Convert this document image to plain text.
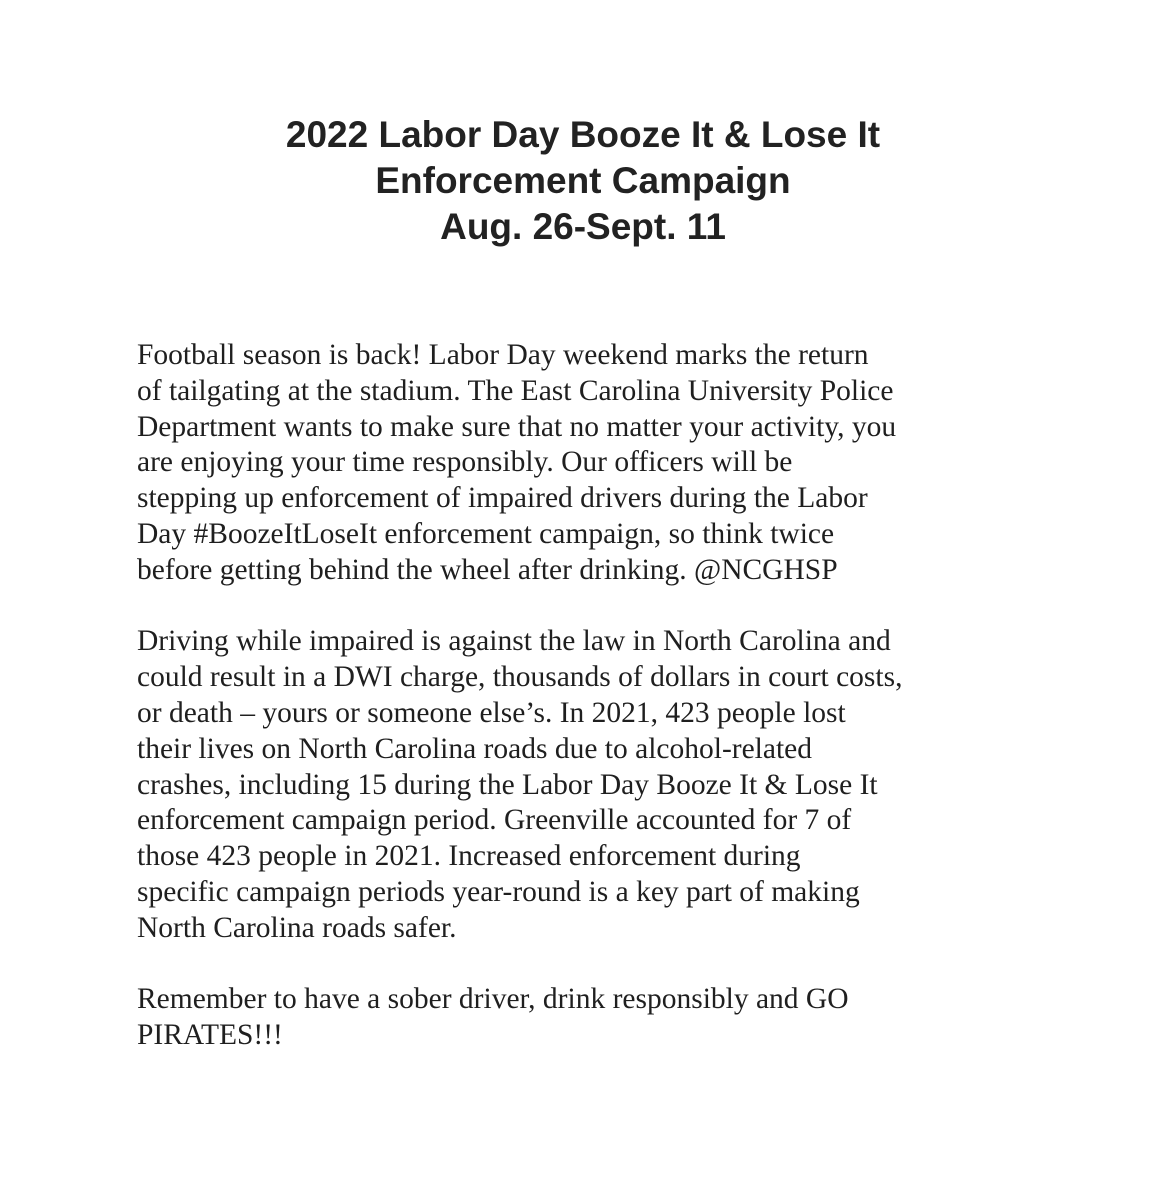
2022 Labor Day Booze It & Lose It
Enforcement Campaign
Aug. 26-Sept. 11

Football season is back! Labor Day weekend marks the return
of tailgating at the stadium. The East Carolina University Police
Department wants to make sure that no matter your activity, you
are enjoying your time responsibly. Our officers will be
stepping up enforcement of impaired drivers during the Labor
Day #BoozeItLoseIt enforcement campaign, so think twice
before getting behind the wheel after drinking. @NCGHSP

Driving while impaired is against the law in North Carolina and
could result in a DWI charge, thousands of dollars in court costs,
or death – yours or someone else’s. In 2021, 423 people lost
their lives on North Carolina roads due to alcohol-related
crashes, including 15 during the Labor Day Booze It & Lose It
enforcement campaign period. Greenville accounted for 7 of
those 423 people in 2021. Increased enforcement during
specific campaign periods year-round is a key part of making
North Carolina roads safer.

Remember to have a sober driver, drink responsibly and GO
PIRATES!!!
